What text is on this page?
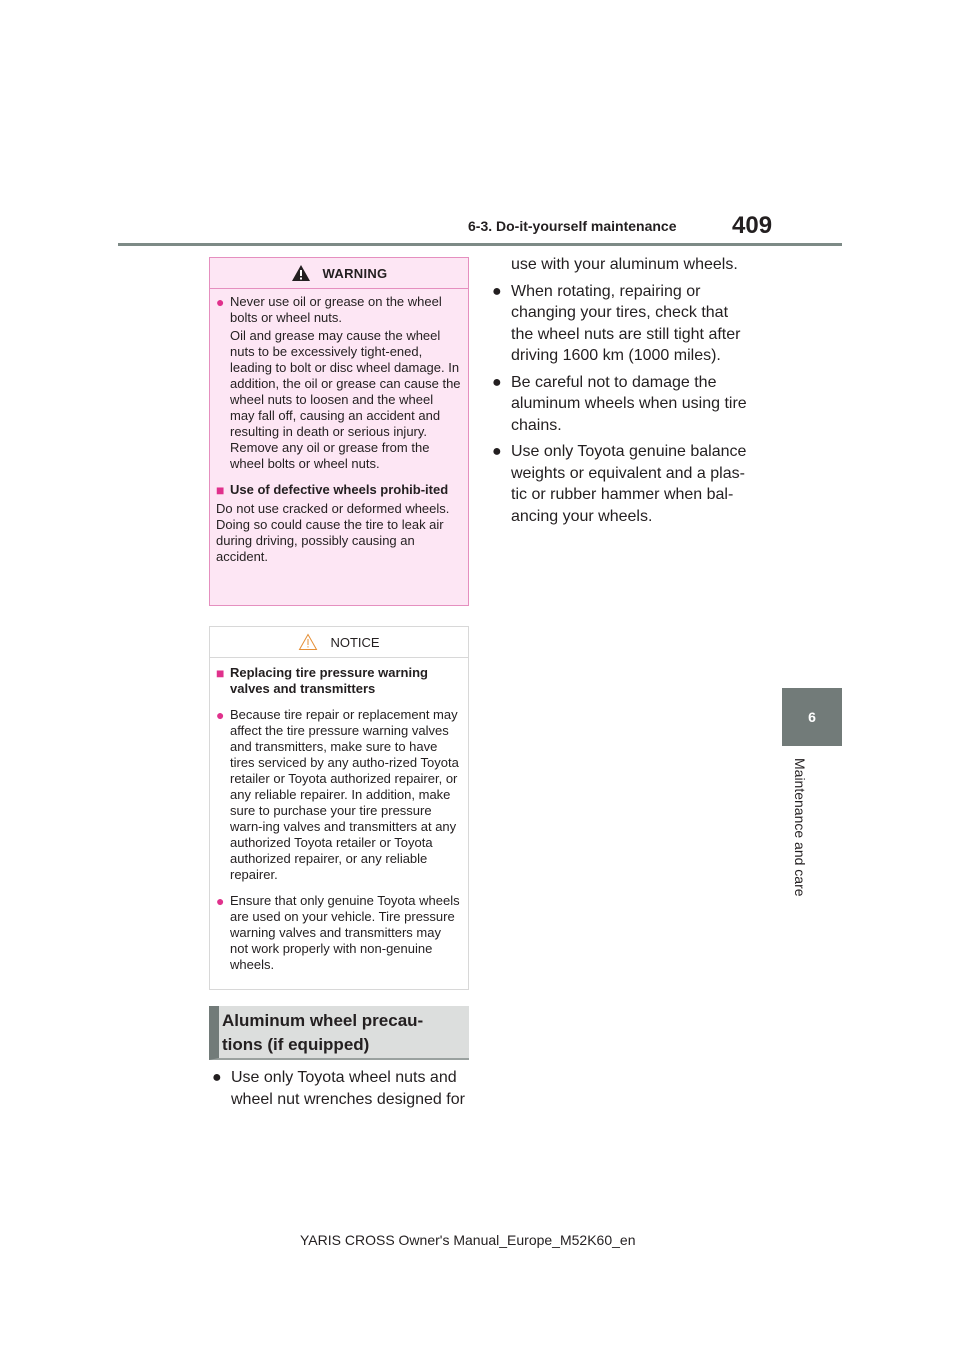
6-3. Do-it-yourself maintenance 409
6
Maintenance and care
WARNING
● Never use oil or grease on the wheel bolts or wheel nuts.
Oil and grease may cause the wheel nuts to be excessively tight-ened, leading to bolt or disc wheel damage. In addition, the oil or grease can cause the wheel nuts to loosen and the wheel may fall off, causing an accident and resulting in death or serious injury. Remove any oil or grease from the wheel bolts or wheel nuts.
■ Use of defective wheels prohib-ited
Do not use cracked or deformed wheels. Doing so could cause the tire to leak air during driving, possibly causing an accident.
NOTICE
■ Replacing tire pressure warning valves and transmitters
● Because tire repair or replacement may affect the tire pressure warning valves and transmitters, make sure to have tires serviced by any autho-rized Toyota retailer or Toyota authorized repairer, or any reliable repairer. In addition, make sure to purchase your tire pressure warn-ing valves and transmitters at any authorized Toyota retailer or Toyota authorized repairer, or any reliable repairer.
● Ensure that only genuine Toyota wheels are used on your vehicle. Tire pressure warning valves and transmitters may not work properly with non-genuine wheels.
Aluminum wheel precau-
tions (if equipped)
● Use only Toyota wheel nuts and wheel nut wrenches designed for
use with your aluminum wheels.
● When rotating, repairing or changing your tires, check that the wheel nuts are still tight after driving 1600 km (1000 miles).
● Be careful not to damage the aluminum wheels when using tire chains.
● Use only Toyota genuine balance weights or equivalent and a plas-tic or rubber hammer when bal-ancing your wheels.
YARIS CROSS Owner's Manual_Europe_M52K60_en
